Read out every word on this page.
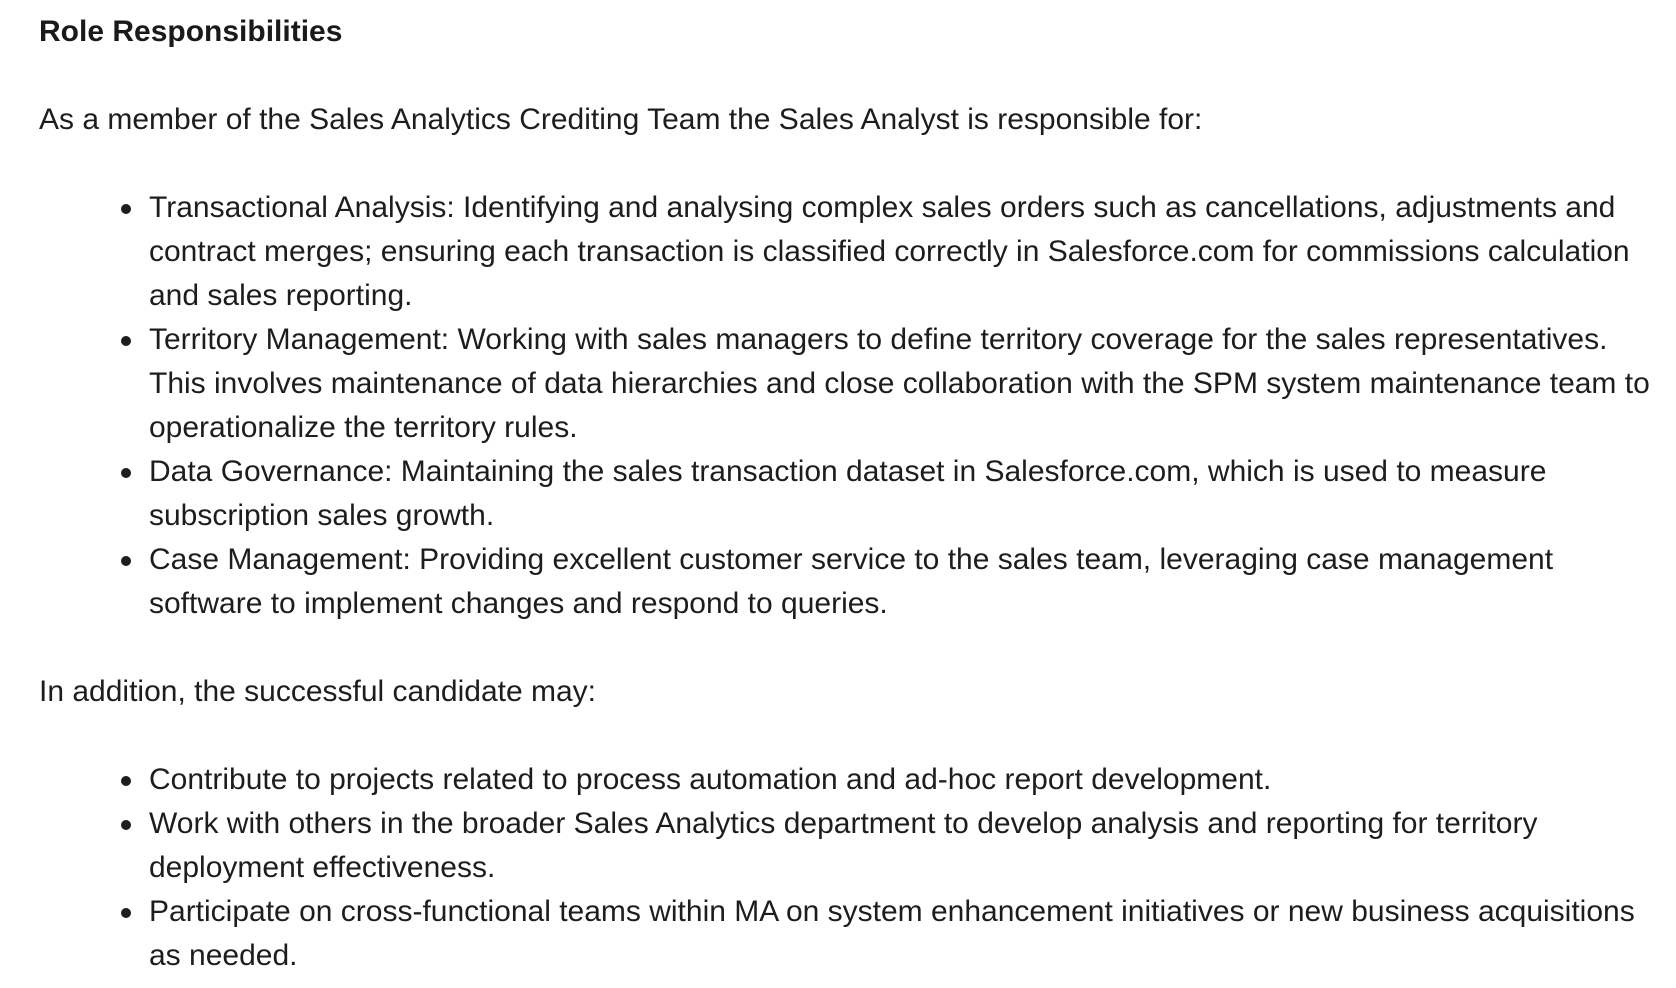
Role Responsibilities
As a member of the Sales Analytics Crediting Team the Sales Analyst is responsible for:
Transactional Analysis: Identifying and analysing complex sales orders such as cancellations, adjustments and contract merges; ensuring each transaction is classified correctly in Salesforce.com for commissions calculation and sales reporting.
Territory Management: Working with sales managers to define territory coverage for the sales representatives. This involves maintenance of data hierarchies and close collaboration with the SPM system maintenance team to operationalize the territory rules.
Data Governance: Maintaining the sales transaction dataset in Salesforce.com, which is used to measure subscription sales growth.
Case Management: Providing excellent customer service to the sales team, leveraging case management software to implement changes and respond to queries.
In addition, the successful candidate may:
Contribute to projects related to process automation and ad-hoc report development.
Work with others in the broader Sales Analytics department to develop analysis and reporting for territory deployment effectiveness.
Participate on cross-functional teams within MA on system enhancement initiatives or new business acquisitions as needed.
